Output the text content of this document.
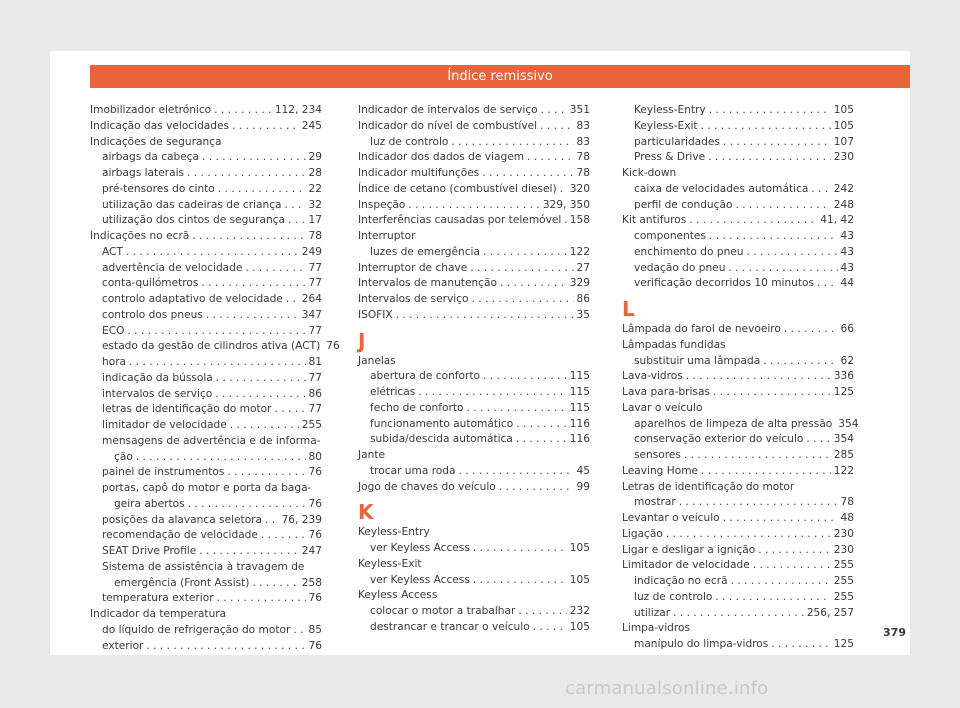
Índice remissivo
Imobilizador eletrónico . . .	112, 234
Indicação das velocidades . . .	245
Indicações de segurança
airbags da cabeça . . .	29
airbags laterais . . .	28
pré-tensores do cinto . . .	22
utilização das cadeiras de criança . . .	32
utilização dos cintos de segurança . . . 17
Indicações no ecrã . . .	78
ACT . . .	249
advertência de velocidade . . .	77
conta-quilómetros . . .	77
controlo adaptativo de velocidade . . . 264
controlo dos pneus . . .	347
ECO . . .	77
estado da gestão de cilindros ativa (ACT) 76
hora . . .	81
indicação da bússola . . .	77
intervalos de serviço . . .	86
letras de identificação do motor . . .	77
limitador de velocidade . . .	255
mensagens de advertência e de informa-
ção . . .	80
painel de instrumentos . . .	76
portas, capô do motor e porta da baga-
geira abertos . . .	76
posições da alavanca seletora . . . 76, 239
recomendação de velocidade . . .	76
SEAT Drive Profile . . .	247
Sistema de assistência à travagem de
emergência (Front Assist) . . .	258
temperatura exterior . . .	76
Indicador da temperatura
do líquido de refrigeração do motor . . . 85
exterior . . .	76
Indicador de intervalos de serviço . . .	351
Indicador do nível de combustível . . .	83
luz de controlo . . .	83
Indicador dos dados de viagem . . .	78
Indicador multifunções . . .	78
Índice de cetano (combustível diesel) . . . 320
Inspeção . . .	329, 350
Interferências causadas por telemóvel . . . 158
Interruptor
luzes de emergência . . .	122
Interruptor de chave . . .	27
Intervalos de manutenção . . .	329
Intervalos de serviço . . .	86
ISOFIX . . .	35
J
Janelas
abertura de conforto . . .	115
elétricas . . .	115
fecho de conforto . . .	115
funcionamento automático . . .	116
subida/descida automática . . .	116
Jante
trocar uma roda . . .	45
Jogo de chaves do veículo . . .	99
K
Keyless-Entry
ver Keyless Access . . .	105
Keyless-Exit
ver Keyless Access . . .	105
Keyless Access
colocar o motor a trabalhar . . .	232
destrancar e trancar o veículo . . .	105
Keyless-Entry . . .	105
Keyless-Exit . . .	105
particularidades . . .	107
Press & Drive . . .	230
Kick-down
caixa de velocidades automática . . . 242
perfil de condução . . .	248
Kit antifuros . . .	41, 42
componentes . . .	43
enchimento do pneu . . .	43
vedação do pneu . . .	43
verificação decorridos 10 minutos . . . 44
L
Lâmpada do farol de nevoeiro . . .	66
Lâmpadas fundidas
substituir uma lâmpada . . .	62
Lava-vidros . . .	336
Lava para-brisas . . .	125
Lavar o veículo
aparelhos de limpeza de alta pressão 354
conservação exterior do veículo . . .	354
sensores . . .	285
Leaving Home . . .	122
Letras de identificação do motor
mostrar . . .	78
Levantar o veículo . . .	48
Ligação . . .	230
Ligar e desligar a ignição . . .	230
Limitador de velocidade . . .	255
indicação no ecrã . . .	255
luz de controlo . . .	255
utilizar . . .	256, 257
Limpa-vidros
manípulo do limpa-vidros . . .	125
379
carmanualsonline.info
